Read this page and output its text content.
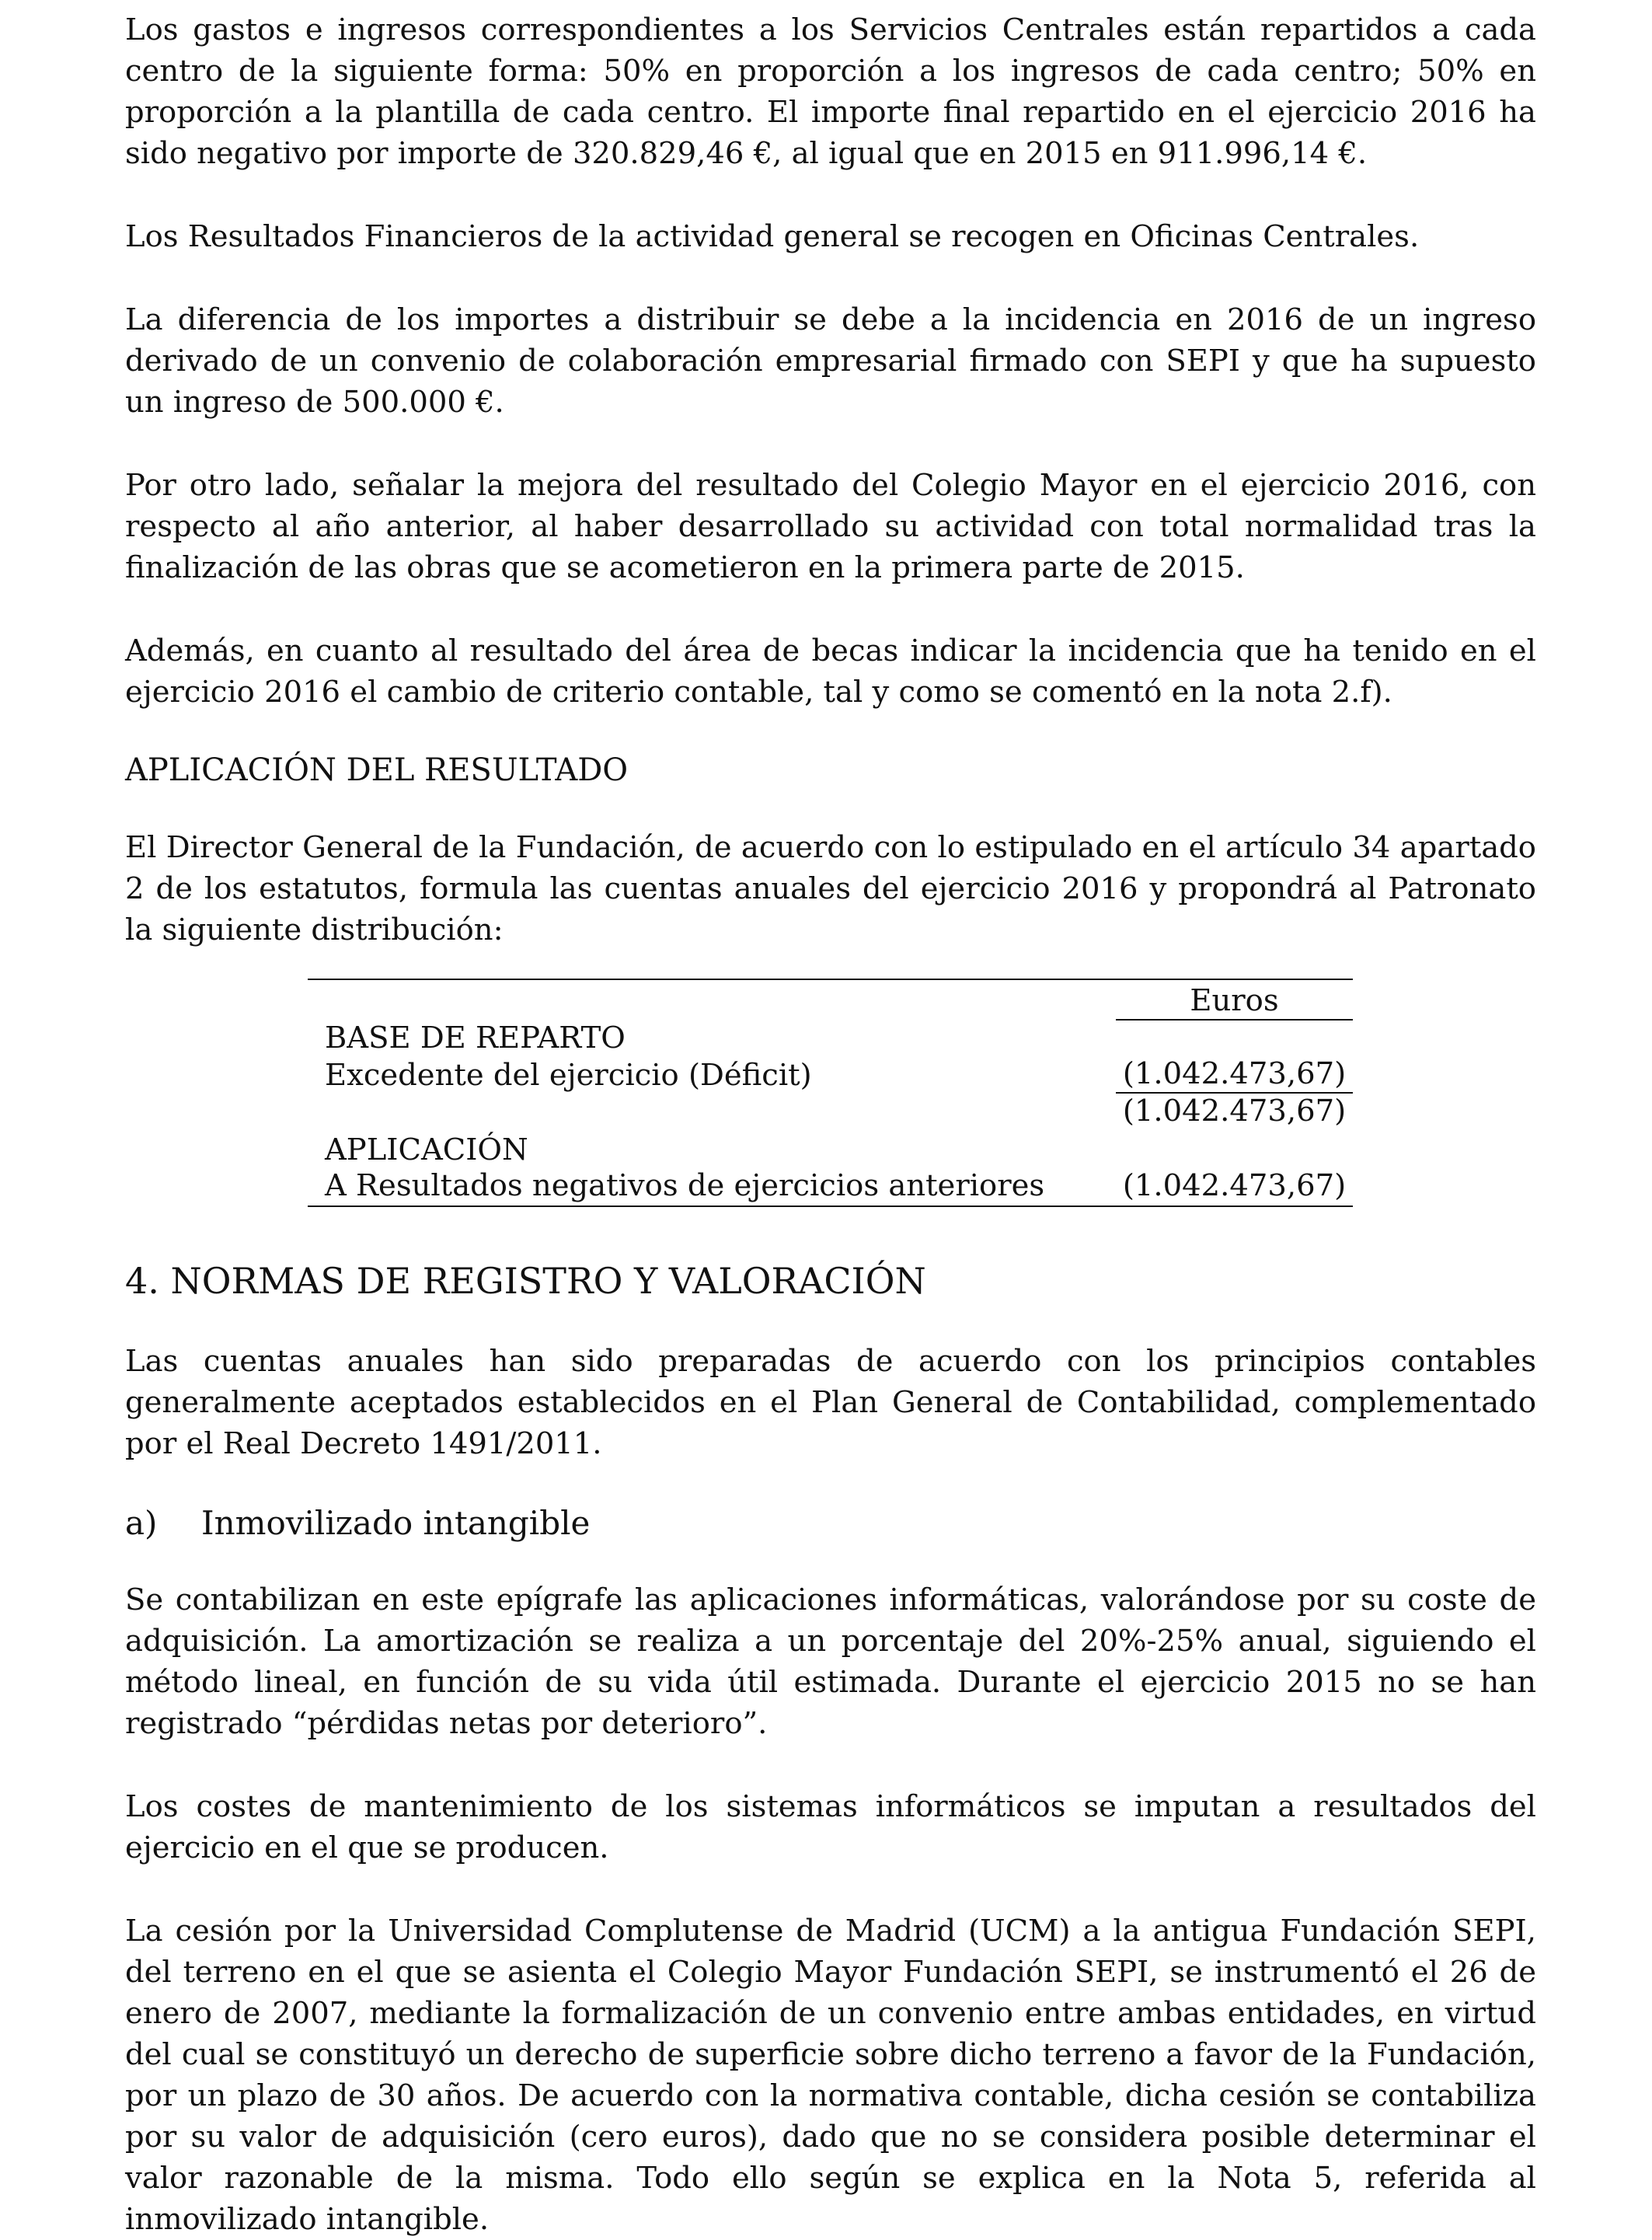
Los gastos e ingresos correspondientes a los Servicios Centrales están repartidos a cada centro de la siguiente forma: 50% en proporción a los ingresos de cada centro; 50% en proporción a la plantilla de cada centro. El importe final repartido en el ejercicio 2016 ha sido negativo por importe de 320.829,46 €, al igual que en 2015 en 911.996,14 €.

Los Resultados Financieros de la actividad general se recogen en Oficinas Centrales.

La diferencia de los importes a distribuir se debe a la incidencia en 2016 de un ingreso derivado de un convenio de colaboración empresarial firmado con SEPI y que ha supuesto un ingreso de 500.000 €.

Por otro lado, señalar la mejora del resultado del Colegio Mayor en el ejercicio 2016, con respecto al año anterior, al haber desarrollado su actividad con total normalidad tras la finalización de las obras que se acometieron en la primera parte de 2015.

Además, en cuanto al resultado del área de becas indicar la incidencia que ha tenido en el ejercicio 2016 el cambio de criterio contable, tal y como se comentó en la nota 2.f).

APLICACIÓN DEL RESULTADO

El Director General de la Fundación, de acuerdo con lo estipulado en el artículo 34 apartado 2 de los estatutos, formula las cuentas anuales del ejercicio 2016 y propondrá al Patronato la siguiente distribución:

Euros
BASE DE REPARTO
Excedente del ejercicio (Déficit)	(1.042.473,67)
(1.042.473,67)
APLICACIÓN
A Resultados negativos de ejercicios anteriores	(1.042.473,67)
4. NORMAS DE REGISTRO Y VALORACIÓN

Las cuentas anuales han sido preparadas de acuerdo con los principios contables generalmente aceptados establecidos en el Plan General de Contabilidad, complementado por el Real Decreto 1491/2011.

a)	Inmovilizado intangible

Se contabilizan en este epígrafe las aplicaciones informáticas, valorándose por su coste de adquisición. La amortización se realiza a un porcentaje del 20%-25% anual, siguiendo el método lineal, en función de su vida útil estimada. Durante el ejercicio 2015 no se han registrado “pérdidas netas por deterioro”.

Los costes de mantenimiento de los sistemas informáticos se imputan a resultados del ejercicio en el que se producen.

La cesión por la Universidad Complutense de Madrid (UCM) a la antigua Fundación SEPI, del terreno en el que se asienta el Colegio Mayor Fundación SEPI, se instrumentó el 26 de enero de 2007, mediante la formalización de un convenio entre ambas entidades, en virtud del cual se constituyó un derecho de superficie sobre dicho terreno a favor de la Fundación, por un plazo de 30 años. De acuerdo con la normativa contable, dicha cesión se contabiliza por su valor de adquisición (cero euros), dado que no se considera posible determinar el valor razonable de la misma. Todo ello según se explica en la Nota 5, referida al inmovilizado intangible.
